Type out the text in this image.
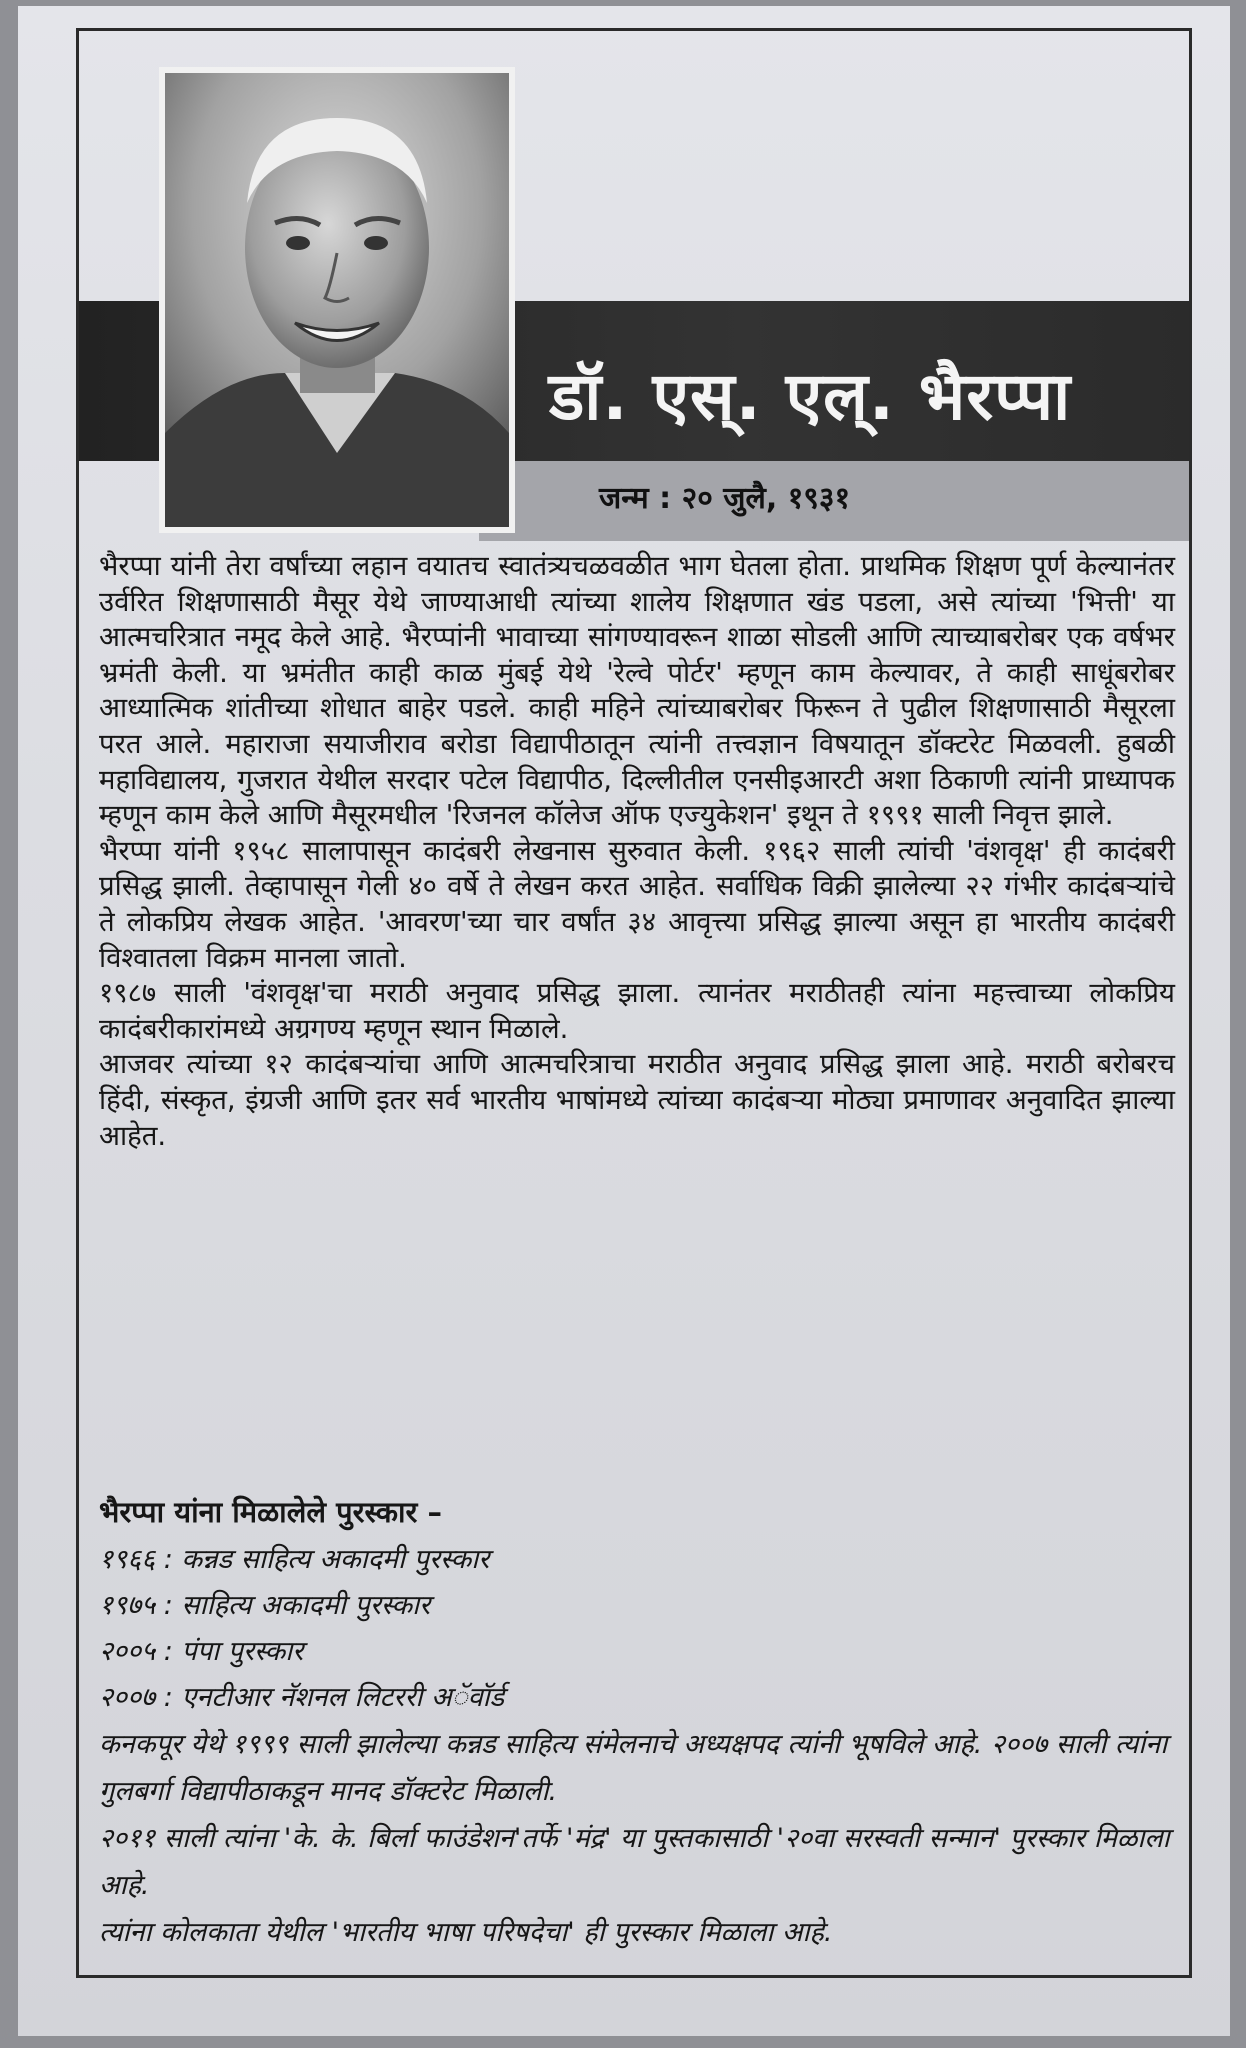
डॉ. एस्. एल्. भैरप्पा
जन्म : २० जुलै, १९३१

भैरप्पा यांनी तेरा वर्षांच्या लहान वयातच स्वातंत्र्यचळवळीत भाग घेतला होता. प्राथमिक शिक्षण पूर्ण केल्यानंतर उर्वरित शिक्षणासाठी मैसूर येथे जाण्याआधी त्यांच्या शालेय शिक्षणात खंड पडला, असे त्यांच्या 'भित्ती' या आत्मचरित्रात नमूद केले आहे. भैरप्पांनी भावाच्या सांगण्यावरून शाळा सोडली आणि त्याच्याबरोबर एक वर्षभर भ्रमंती केली. या भ्रमंतीत काही काळ मुंबई येथे 'रेल्वे पोर्टर' म्हणून काम केल्यावर, ते काही साधूंबरोबर आध्यात्मिक शांतीच्या शोधात बाहेर पडले. काही महिने त्यांच्याबरोबर फिरून ते पुढील शिक्षणासाठी मैसूरला परत आले. महाराजा सयाजीराव बरोडा विद्यापीठातून त्यांनी तत्त्वज्ञान विषयातून डॉक्टरेट मिळवली. हुबळी महाविद्यालय, गुजरात येथील सरदार पटेल विद्यापीठ, दिल्लीतील एनसीइआरटी अशा ठिकाणी त्यांनी प्राध्यापक म्हणून काम केले आणि मैसूरमधील 'रिजनल कॉलेज ऑफ एज्युकेशन' इथून ते १९९१ साली निवृत्त झाले.

भैरप्पा यांनी १९५८ सालापासून कादंबरी लेखनास सुरुवात केली. १९६२ साली त्यांची 'वंशवृक्ष' ही कादंबरी प्रसिद्ध झाली. तेव्हापासून गेली ४० वर्षे ते लेखन करत आहेत. सर्वाधिक विक्री झालेल्या २२ गंभीर कादंबऱ्यांचे ते लोकप्रिय लेखक आहेत. 'आवरण'च्या चार वर्षांत ३४ आवृत्त्या प्रसिद्ध झाल्या असून हा भारतीय कादंबरी विश्वातला विक्रम मानला जातो.

१९८७ साली 'वंशवृक्ष'चा मराठी अनुवाद प्रसिद्ध झाला. त्यानंतर मराठीतही त्यांना महत्त्वाच्या लोकप्रिय कादंबरीकारांमध्ये अग्रगण्य म्हणून स्थान मिळाले.

आजवर त्यांच्या १२ कादंबऱ्यांचा आणि आत्मचरित्राचा मराठीत अनुवाद प्रसिद्ध झाला आहे. मराठी बरोबरच हिंदी, संस्कृत, इंग्रजी आणि इतर सर्व भारतीय भाषांमध्ये त्यांच्या कादंबऱ्या मोठ्या प्रमाणावर अनुवादित झाल्या आहेत.

भैरप्पा यांना मिळालेले पुरस्कार –
१९६६ : कन्नड साहित्य अकादमी पुरस्कार
१९७५ : साहित्य अकादमी पुरस्कार
२००५ : पंपा पुरस्कार
२००७ : एनटीआर नॅशनल लिटररी अॅवॉर्ड
कनकपूर येथे १९९९ साली झालेल्या कन्नड साहित्य संमेलनाचे अध्यक्षपद त्यांनी भूषविले आहे. २००७ साली त्यांना गुलबर्गा विद्यापीठाकडून मानद डॉक्टरेट मिळाली.
२०११ साली त्यांना 'के. के. बिर्ला फाउंडेशन'तर्फे 'मंद्र' या पुस्तकासाठी '२०वा सरस्वती सन्मान' पुरस्कार मिळाला आहे.
त्यांना कोलकाता येथील 'भारतीय भाषा परिषदेचा' ही पुरस्कार मिळाला आहे.
